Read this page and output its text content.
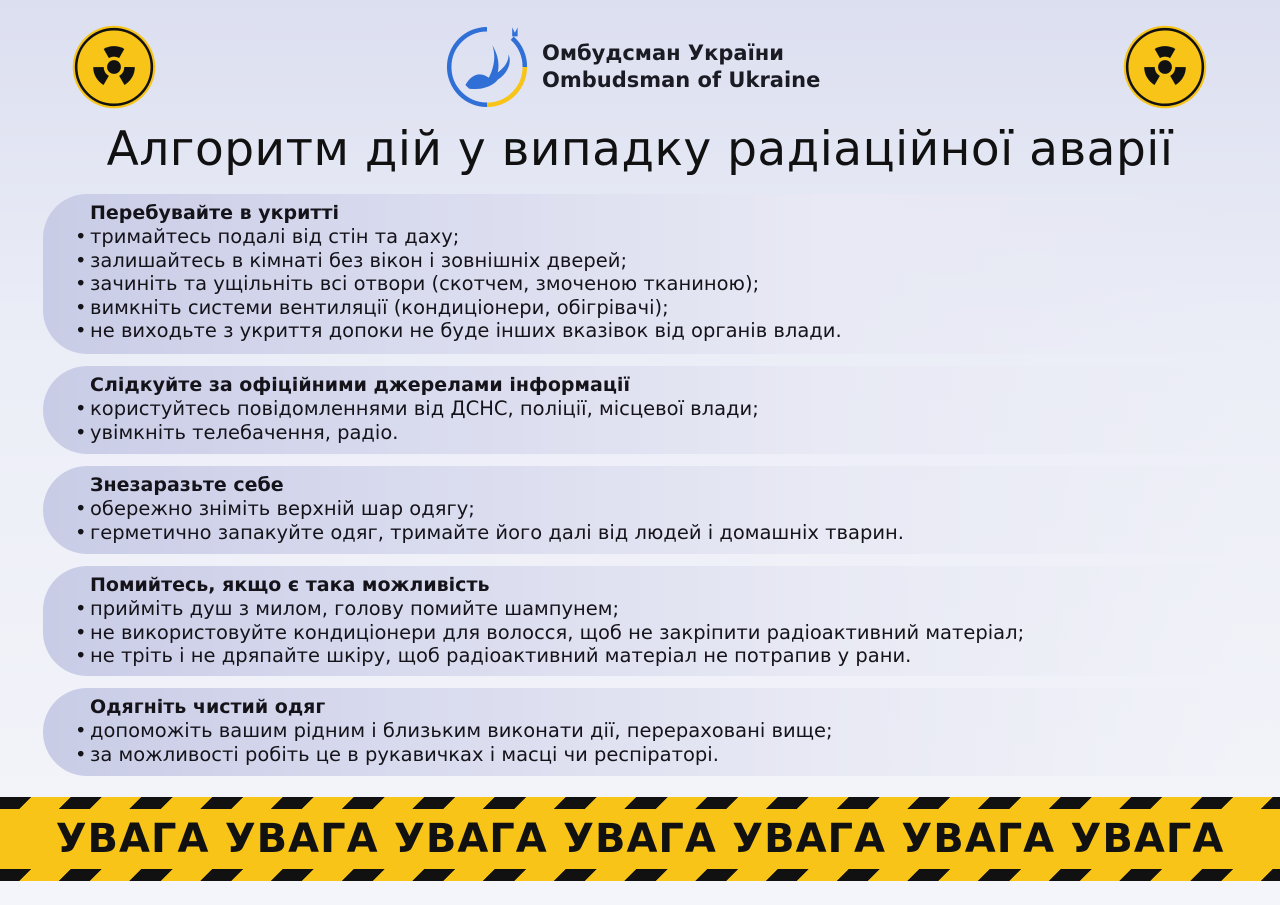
Омбудсман України
Ombudsman of Ukraine
Алгоритм дій у випадку радіаційної аварії
Перебувайте в укритті
• тримайтесь подалі від стін та даху;
• залишайтесь в кімнаті без вікон і зовнішніх дверей;
• зачиніть та ущільніть всі отвори (скотчем, змоченою тканиною);
• вимкніть системи вентиляції (кондиціонери, обігрівачі);
• не виходьте з укриття допоки не буде інших вказівок від органів влади.
Слідкуйте за офіційними джерелами інформації
• користуйтесь повідомленнями від ДСНС, поліції, місцевої влади;
• увімкніть телебачення, радіо.
Знезаразьте себе
• обережно зніміть верхній шар одягу;
• герметично запакуйте одяг, тримайте його далі від людей і домашніх тварин.
Помийтесь, якщо є така можливість
• прийміть душ з милом, голову помийте шампунем;
• не використовуйте кондиціонери для волосся, щоб не закріпити радіоактивний матеріал;
• не тріть і не дряпайте шкіру, щоб радіоактивний матеріал не потрапив у рани.
Одягніть чистий одяг
• допоможіть вашим рідним і близьким виконати дії, перераховані вище;
• за можливості робіть це в рукавичках і масці чи респіраторі.
УВАГА УВАГА УВАГА УВАГА УВАГА УВАГА УВАГА
